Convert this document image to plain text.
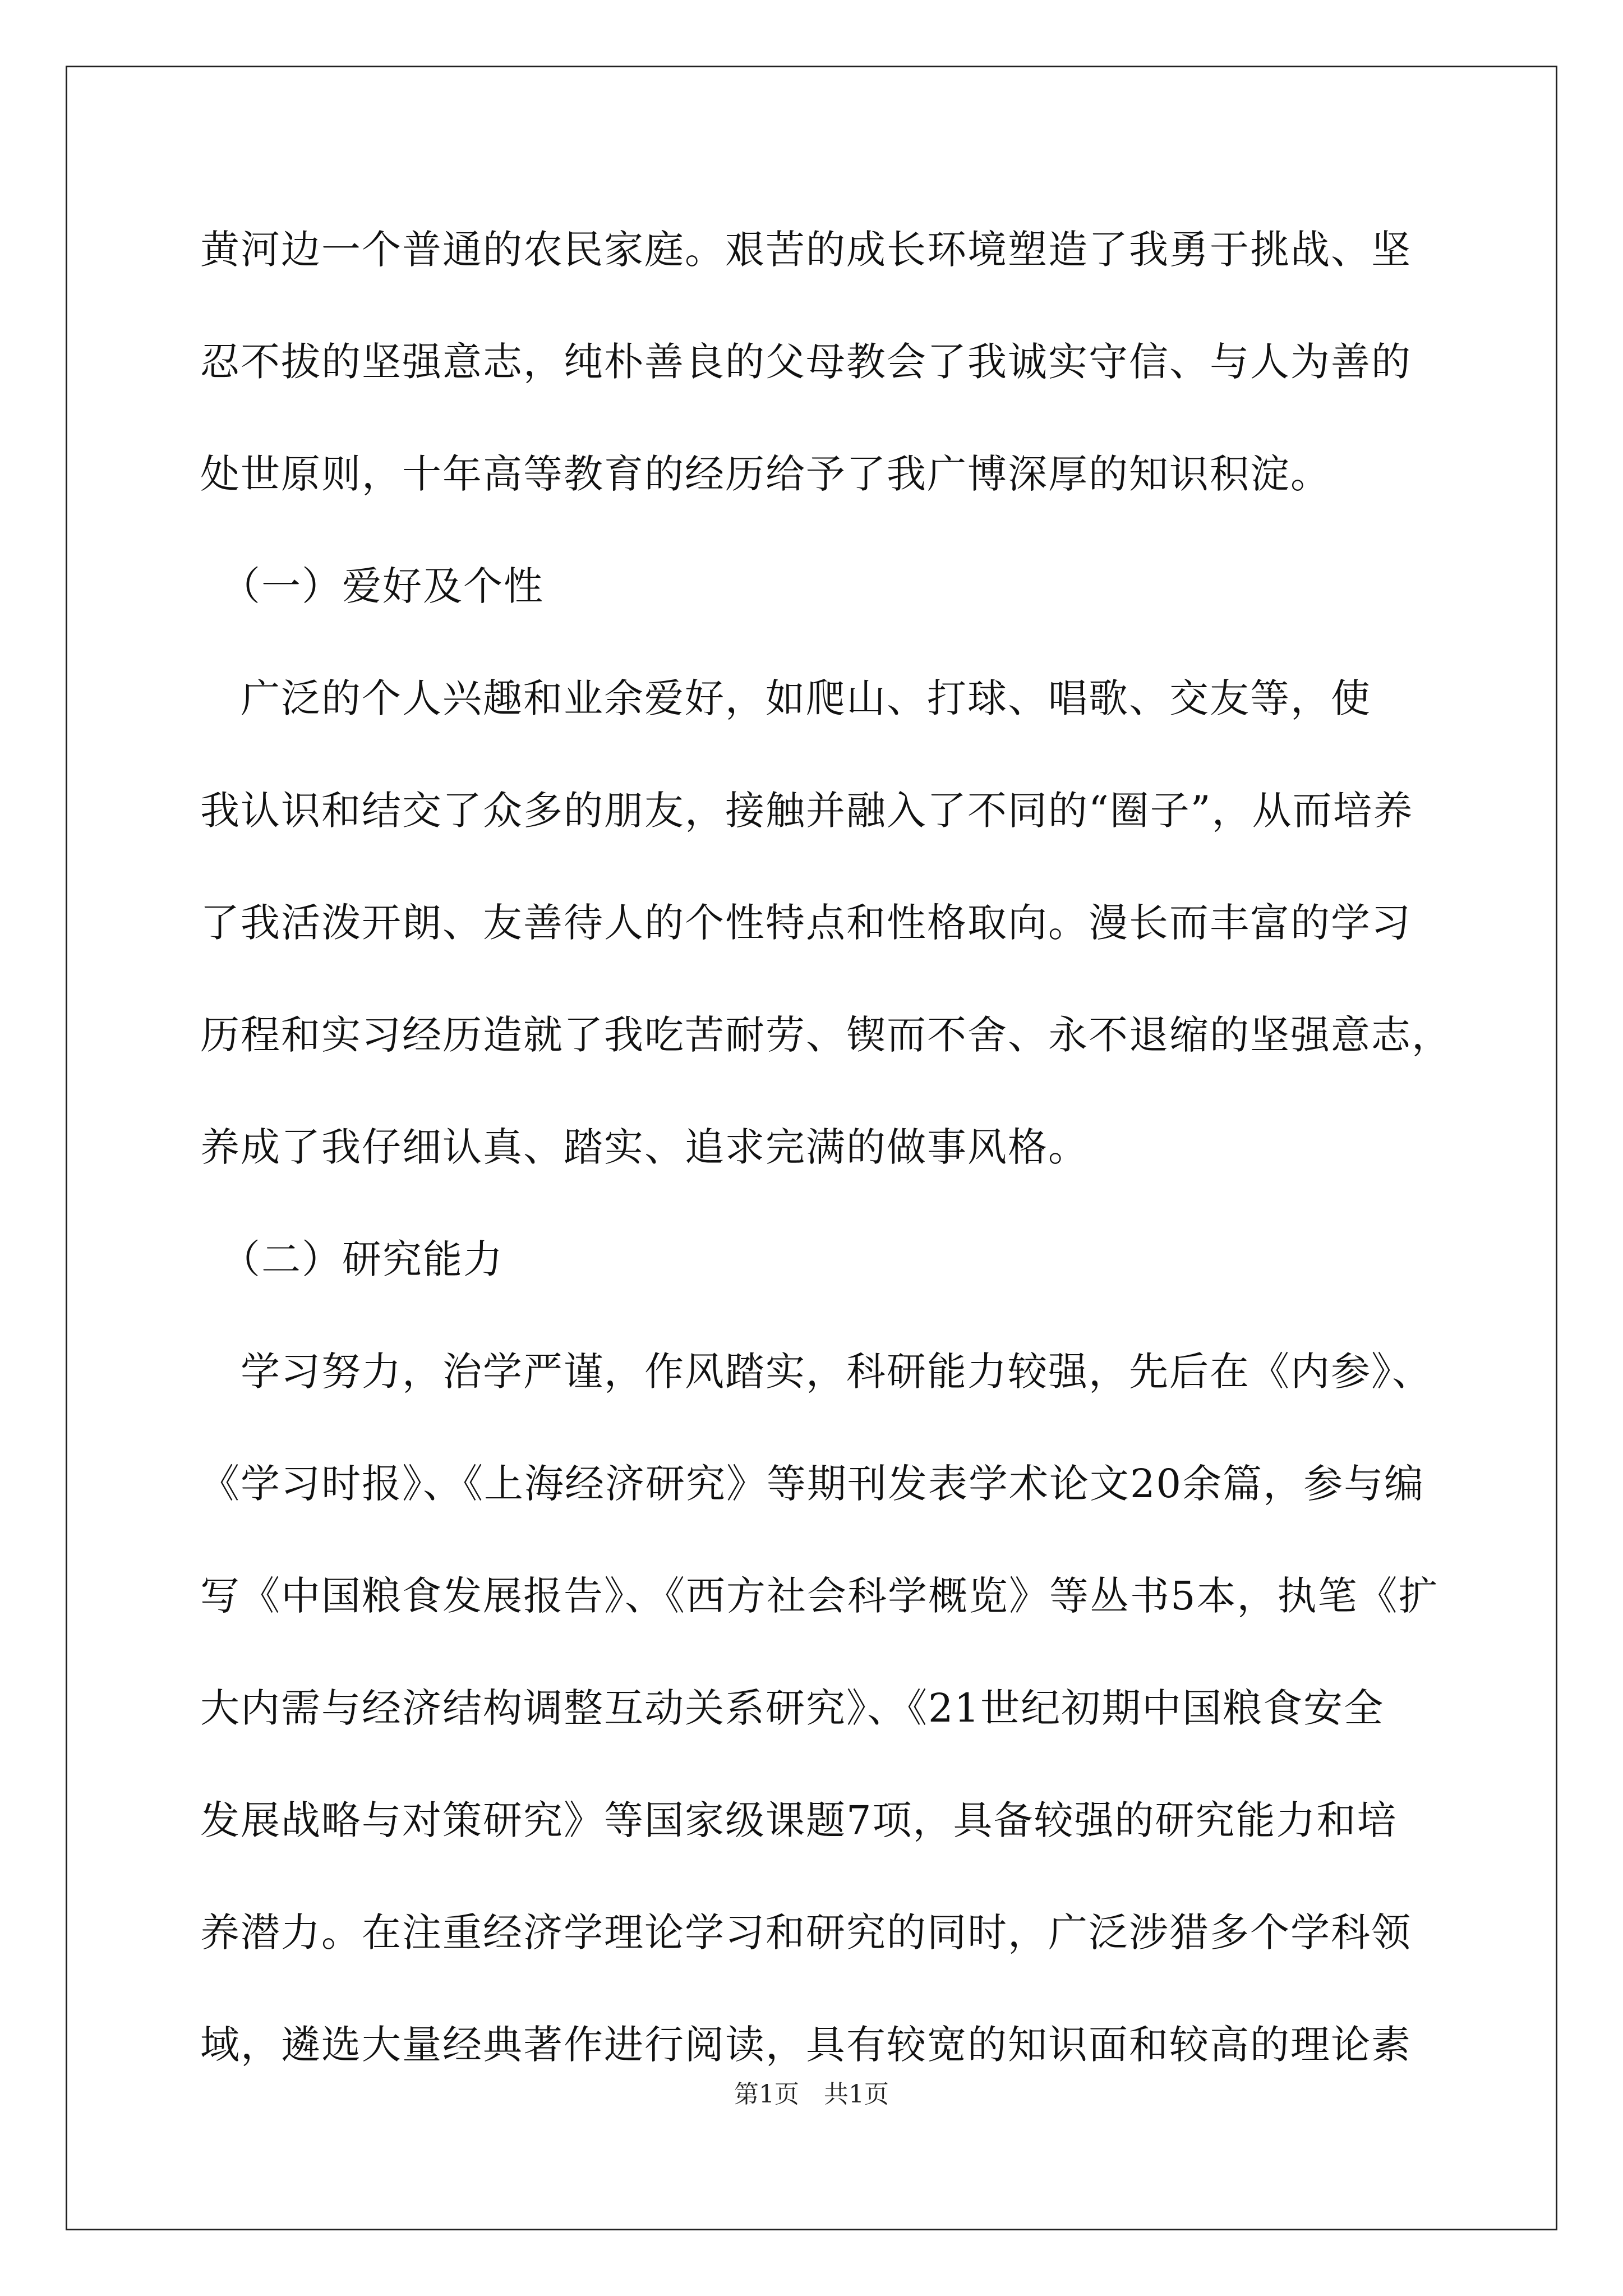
黄河边一个普通的农民家庭。艰苦的成长环境塑造了我勇于挑战、坚
忍不拔的坚强意志，纯朴善良的父母教会了我诚实守信、与人为善的
处世原则，十年高等教育的经历给予了我广博深厚的知识积淀。
　（一）爱好及个性
　广泛的个人兴趣和业余爱好，如爬山、打球、唱歌、交友等，使
我认识和结交了众多的朋友，接触并融入了不同的“圈子”，从而培养
了我活泼开朗、友善待人的个性特点和性格取向。漫长而丰富的学习
历程和实习经历造就了我吃苦耐劳、锲而不舍、永不退缩的坚强意志，
养成了我仔细认真、踏实、追求完满的做事风格。
　（二）研究能力
　学习努力，治学严谨，作风踏实，科研能力较强，先后在《内参》、
《学习时报》、《上海经济研究》等期刊发表学术论文20余篇，参与编
写《中国粮食发展报告》、《西方社会科学概览》等丛书5本，执笔《扩
大内需与经济结构调整互动关系研究》、《21世纪初期中国粮食安全
发展战略与对策研究》等国家级课题7项，具备较强的研究能力和培
养潜力。在注重经济学理论学习和研究的同时，广泛涉猎多个学科领
域，遴选大量经典著作进行阅读，具有较宽的知识面和较高的理论素
第1页　共1页
